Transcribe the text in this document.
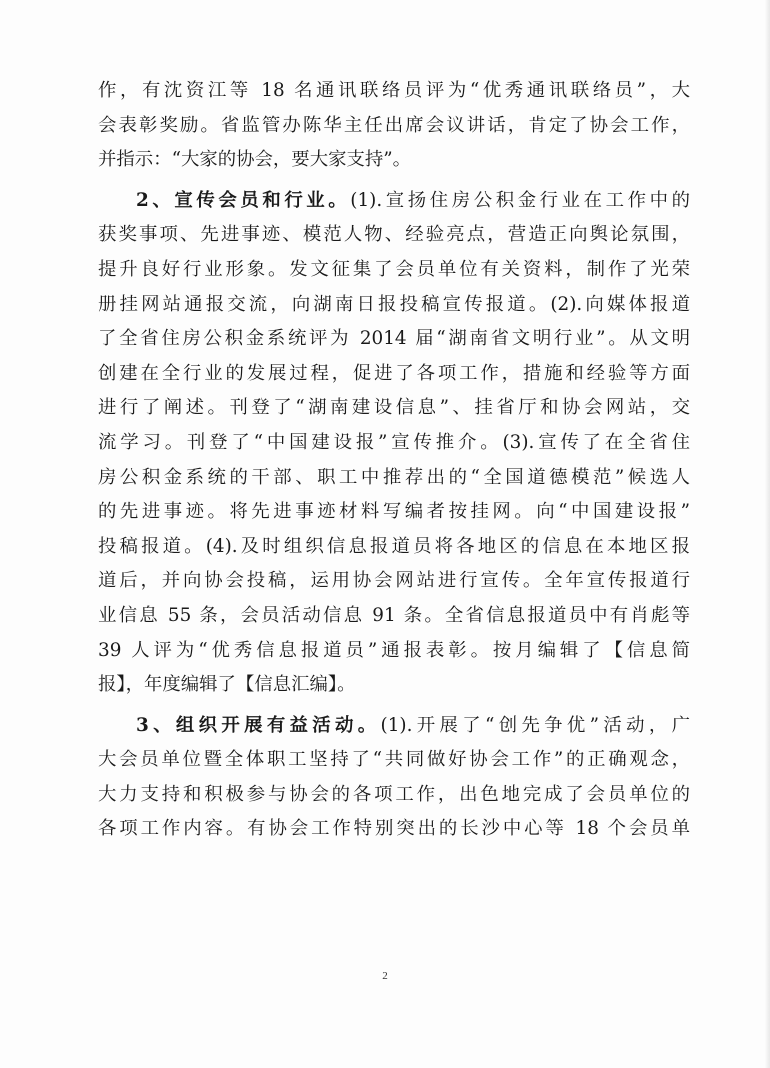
作，有沈资江等 18 名通讯联络员评为“优秀通讯联络员”，大
会表彰奖励。省监管办陈华主任出席会议讲话，肯定了协会工作，
并指示：“大家的协会，要大家支持”。
2、宣传会员和行业。(1).宣扬住房公积金行业在工作中的
获奖事项、先进事迹、模范人物、经验亮点，营造正向舆论氛围，
提升良好行业形象。发文征集了会员单位有关资料，制作了光荣
册挂网站通报交流，向湖南日报投稿宣传报道。(2).向媒体报道
了全省住房公积金系统评为 2014 届“湖南省文明行业”。从文明
创建在全行业的发展过程，促进了各项工作，措施和经验等方面
进行了阐述。刊登了“湖南建设信息”、挂省厅和协会网站，交
流学习。刊登了“中国建设报”宣传推介。(3).宣传了在全省住
房公积金系统的干部、职工中推荐出的“全国道德模范”候选人
的先进事迹。将先进事迹材料写编者按挂网。向“中国建设报”
投稿报道。(4).及时组织信息报道员将各地区的信息在本地区报
道后，并向协会投稿，运用协会网站进行宣传。全年宣传报道行
业信息 55 条，会员活动信息 91 条。全省信息报道员中有肖彪等
39 人评为“优秀信息报道员”通报表彰。按月编辑了【信息简
报】，年度编辑了【信息汇编】。
3、组织开展有益活动。(1).开展了“创先争优”活动，广
大会员单位暨全体职工坚持了“共同做好协会工作”的正确观念，
大力支持和积极参与协会的各项工作，出色地完成了会员单位的
各项工作内容。有协会工作特别突出的长沙中心等 18 个会员单
2
